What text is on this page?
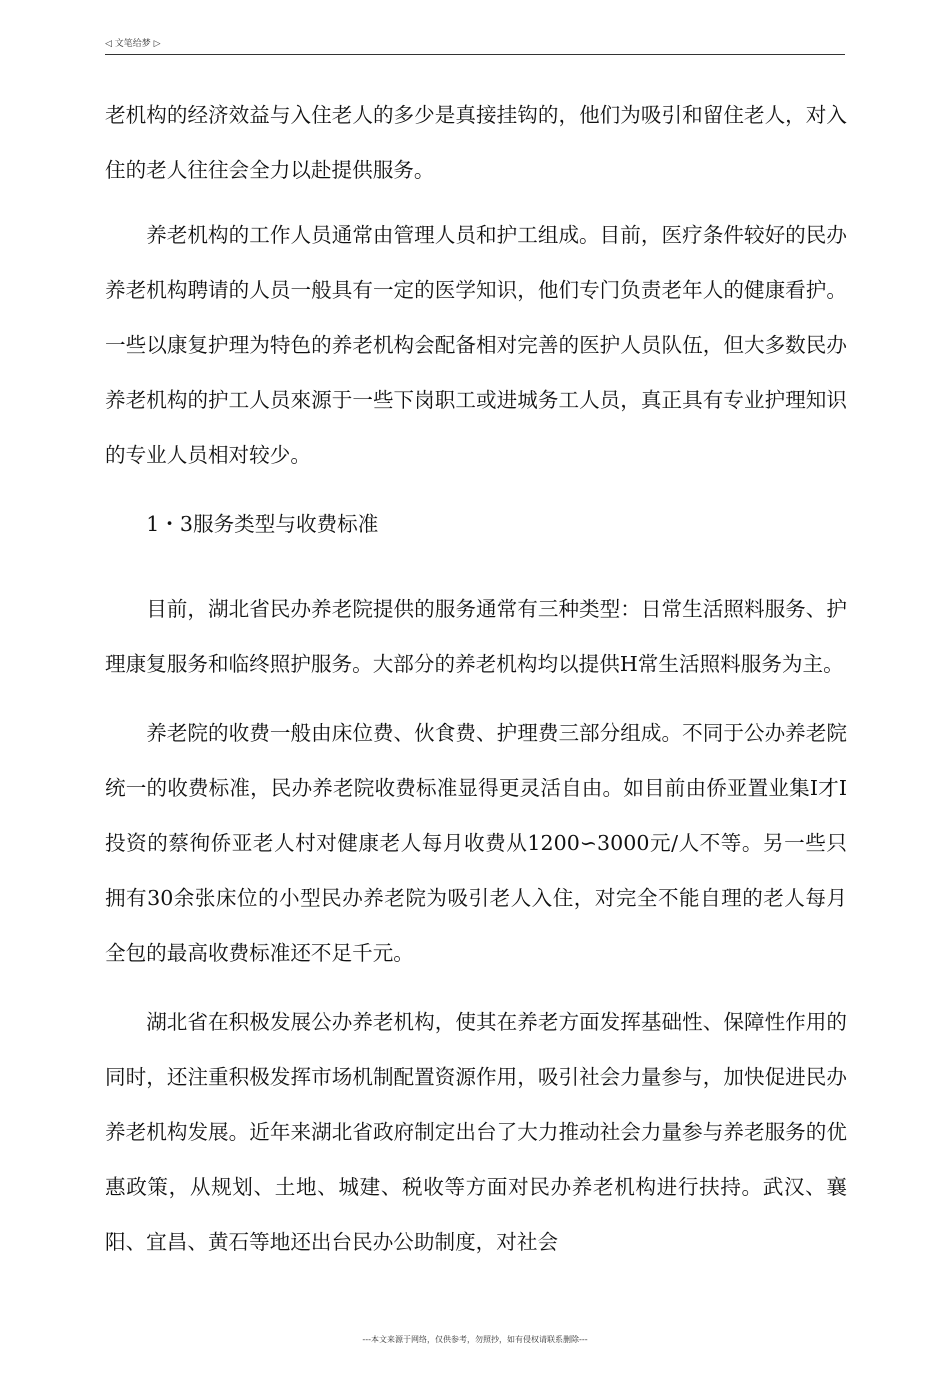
◁ 文笔给梦 ▷

老机构的经济效益与入住老人的多少是真接挂钩的，他们为吸引和留住老人，对入住的老人往往会全力以赴提供服务。

养老机构的工作人员通常由管理人员和护工组成。目前，医疗条件较好的民办养老机构聘请的人员一般具有一定的医学知识，他们专门负责老年人的健康看护。一些以康复护理为特色的养老机构会配备相对完善的医护人员队伍，但大多数民办养老机构的护工人员來源于一些下岗职工或进城务工人员，真正具有专业护理知识的专业人员相对较少。

1・3服务类型与收费标准

目前，湖北省民办养老院提供的服务通常有三种类型：日常生活照料服务、护理康复服务和临终照护服务。大部分的养老机构均以提供H常生活照料服务为主。

养老院的收费一般由床位费、伙食费、护理费三部分组成。不同于公办养老院统一的收费标准，民办养老院收费标准显得更灵活自由。如目前由侨亚置业集I才I投资的蔡徇侨亚老人村对健康老人每月收费从1200∽3000元/人不等。另一些只拥有30余张床位的小型民办养老院为吸引老人入住，对完全不能自理的老人每月全包的最高收费标准还不足千元。

湖北省在积极发展公办养老机构，使其在养老方面发挥基础性、保障性作用的同时，还注重积极发挥市场机制配置资源作用，吸引社会力量参与，加快促进民办养老机构发展。近年来湖北省政府制定出台了大力推动社会力量参与养老服务的优惠政策，从规划、土地、城建、税收等方面对民办养老机构进行扶持。武汉、襄阳、宜昌、黄石等地还出台民办公助制度，对社会

---本文来源于网络，仅供参考，勿照抄，如有侵权请联系删除---
